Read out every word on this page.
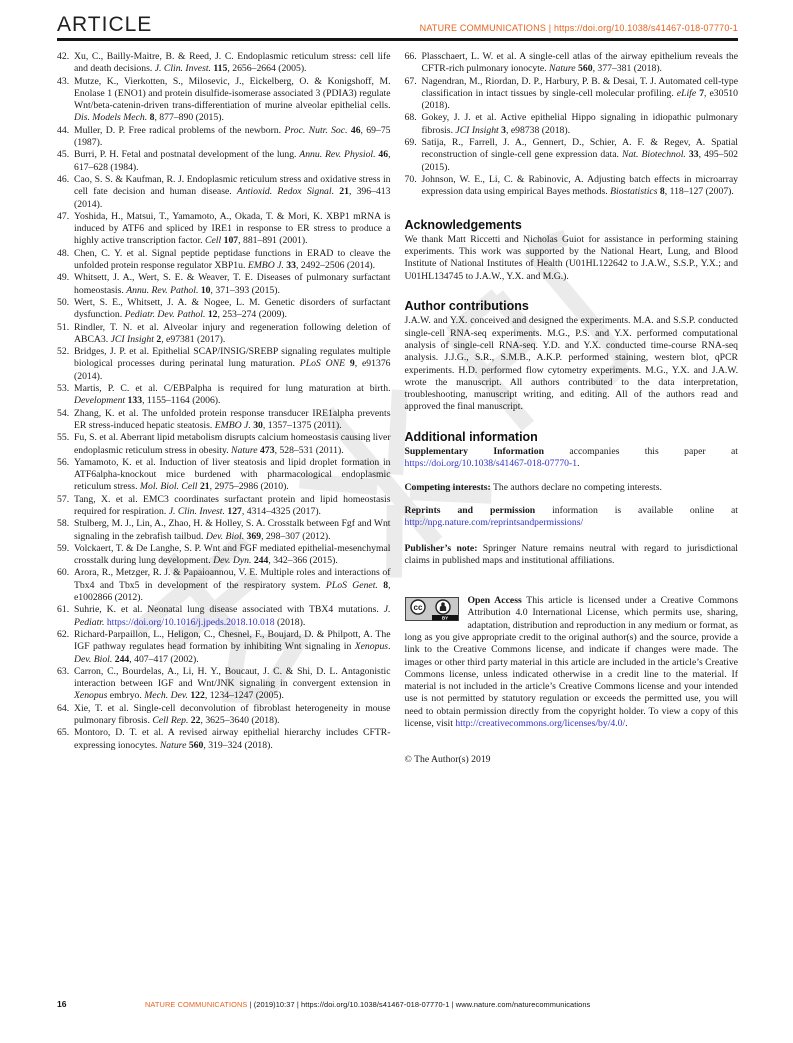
ARTICLE	NATURE COMMUNICATIONS | https://doi.org/10.1038/s41467-018-07770-1
42. Xu, C., Bailly-Maitre, B. & Reed, J. C. Endoplasmic reticulum stress: cell life and death decisions. J. Clin. Invest. 115, 2656–2664 (2005).
43. Mutze, K., Vierkotten, S., Milosevic, J., Eickelberg, O. & Konigshoff, M. Enolase 1 (ENO1) and protein disulfide-isomerase associated 3 (PDIA3) regulate Wnt/beta-catenin-driven trans-differentiation of murine alveolar epithelial cells. Dis. Models Mech. 8, 877–890 (2015).
44. Muller, D. P. Free radical problems of the newborn. Proc. Nutr. Soc. 46, 69–75 (1987).
45. Burri, P. H. Fetal and postnatal development of the lung. Annu. Rev. Physiol. 46, 617–628 (1984).
46. Cao, S. S. & Kaufman, R. J. Endoplasmic reticulum stress and oxidative stress in cell fate decision and human disease. Antioxid. Redox Signal. 21, 396–413 (2014).
47. Yoshida, H., Matsui, T., Yamamoto, A., Okada, T. & Mori, K. XBP1 mRNA is induced by ATF6 and spliced by IRE1 in response to ER stress to produce a highly active transcription factor. Cell 107, 881–891 (2001).
48. Chen, C. Y. et al. Signal peptide peptidase functions in ERAD to cleave the unfolded protein response regulator XBP1u. EMBO J. 33, 2492–2506 (2014).
49. Whitsett, J. A., Wert, S. E. & Weaver, T. E. Diseases of pulmonary surfactant homeostasis. Annu. Rev. Pathol. 10, 371–393 (2015).
50. Wert, S. E., Whitsett, J. A. & Nogee, L. M. Genetic disorders of surfactant dysfunction. Pediatr. Dev. Pathol. 12, 253–274 (2009).
51. Rindler, T. N. et al. Alveolar injury and regeneration following deletion of ABCA3. JCI Insight 2, e97381 (2017).
52. Bridges, J. P. et al. Epithelial SCAP/INSIG/SREBP signaling regulates multiple biological processes during perinatal lung maturation. PLoS ONE 9, e91376 (2014).
53. Martis, P. C. et al. C/EBPalpha is required for lung maturation at birth. Development 133, 1155–1164 (2006).
54. Zhang, K. et al. The unfolded protein response transducer IRE1alpha prevents ER stress-induced hepatic steatosis. EMBO J. 30, 1357–1375 (2011).
55. Fu, S. et al. Aberrant lipid metabolism disrupts calcium homeostasis causing liver endoplasmic reticulum stress in obesity. Nature 473, 528–531 (2011).
56. Yamamoto, K. et al. Induction of liver steatosis and lipid droplet formation in ATF6alpha-knockout mice burdened with pharmacological endoplasmic reticulum stress. Mol. Biol. Cell 21, 2975–2986 (2010).
57. Tang, X. et al. EMC3 coordinates surfactant protein and lipid homeostasis required for respiration. J. Clin. Invest. 127, 4314–4325 (2017).
58. Stulberg, M. J., Lin, A., Zhao, H. & Holley, S. A. Crosstalk between Fgf and Wnt signaling in the zebrafish tailbud. Dev. Biol. 369, 298–307 (2012).
59. Volckaert, T. & De Langhe, S. P. Wnt and FGF mediated epithelial-mesenchymal crosstalk during lung development. Dev. Dyn. 244, 342–366 (2015).
60. Arora, R., Metzger, R. J. & Papaioannou, V. E. Multiple roles and interactions of Tbx4 and Tbx5 in development of the respiratory system. PLoS Genet. 8, e1002866 (2012).
61. Suhrie, K. et al. Neonatal lung disease associated with TBX4 mutations. J. Pediatr. https://doi.org/10.1016/j.jpeds.2018.10.018 (2018).
62. Richard-Parpaillon, L., Heligon, C., Chesnel, F., Boujard, D. & Philpott, A. The IGF pathway regulates head formation by inhibiting Wnt signaling in Xenopus. Dev. Biol. 244, 407–417 (2002).
63. Carron, C., Bourdelas, A., Li, H. Y., Boucaut, J. C. & Shi, D. L. Antagonistic interaction between IGF and Wnt/JNK signaling in convergent extension in Xenopus embryo. Mech. Dev. 122, 1234–1247 (2005).
64. Xie, T. et al. Single-cell deconvolution of fibroblast heterogeneity in mouse pulmonary fibrosis. Cell Rep. 22, 3625–3640 (2018).
65. Montoro, D. T. et al. A revised airway epithelial hierarchy includes CFTR-expressing ionocytes. Nature 560, 319–324 (2018).
66. Plasschaert, L. W. et al. A single-cell atlas of the airway epithelium reveals the CFTR-rich pulmonary ionocyte. Nature 560, 377–381 (2018).
67. Nagendran, M., Riordan, D. P., Harbury, P. B. & Desai, T. J. Automated cell-type classification in intact tissues by single-cell molecular profiling. eLife 7, e30510 (2018).
68. Gokey, J. J. et al. Active epithelial Hippo signaling in idiopathic pulmonary fibrosis. JCI Insight 3, e98738 (2018).
69. Satija, R., Farrell, J. A., Gennert, D., Schier, A. F. & Regev, A. Spatial reconstruction of single-cell gene expression data. Nat. Biotechnol. 33, 495–502 (2015).
70. Johnson, W. E., Li, C. & Rabinovic, A. Adjusting batch effects in microarray expression data using empirical Bayes methods. Biostatistics 8, 118–127 (2007).
Acknowledgements

We thank Matt Riccetti and Nicholas Guiot for assistance in performing staining experiments. This work was supported by the National Heart, Lung, and Blood Institute of National Institutes of Health (U01HL122642 to J.A.W., S.S.P., Y.X.; and U01HL134745 to J.A.W., Y.X. and M.G.).

Author contributions

J.A.W. and Y.X. conceived and designed the experiments. M.A. and S.S.P. conducted single-cell RNA-seq experiments. M.G., P.S. and Y.X. performed computational analysis of single-cell RNA-seq. Y.D. and Y.X. conducted time-course RNA-seq analysis. J.J.G., S.R., S.M.B., A.K.P. performed staining, western blot, qPCR experiments. H.D. performed flow cytometry experiments. M.G., Y.X. and J.A.W. wrote the manuscript. All authors contributed to the data interpretation, troubleshooting, manuscript writing, and editing. All of the authors read and approved the final manuscript.

Additional information

Supplementary Information accompanies this paper at https://doi.org/10.1038/s41467-018-07770-1.

Competing interests: The authors declare no competing interests.

Reprints and permission information is available online at http://npg.nature.com/reprintsandpermissions/

Publisher’s note: Springer Nature remains neutral with regard to jurisdictional claims in published maps and institutional affiliations.

cc
BY

Open Access This article is licensed under a Creative Commons Attribution 4.0 International License, which permits use, sharing, adaptation, distribution and reproduction in any medium or format, as long as you give appropriate credit to the original author(s) and the source, provide a link to the Creative Commons license, and indicate if changes were made. The images or other third party material in this article are included in the article’s Creative Commons license, unless indicated otherwise in a credit line to the material. If material is not included in the article’s Creative Commons license and your intended use is not permitted by statutory regulation or exceeds the permitted use, you will need to obtain permission directly from the copyright holder. To view a copy of this license, visit http://creativecommons.org/licenses/by/4.0/.

© The Author(s) 2019

16	NATURE COMMUNICATIONS | (2019)10:37 | https://doi.org/10.1038/s41467-018-07770-1 | www.nature.com/naturecommunications
